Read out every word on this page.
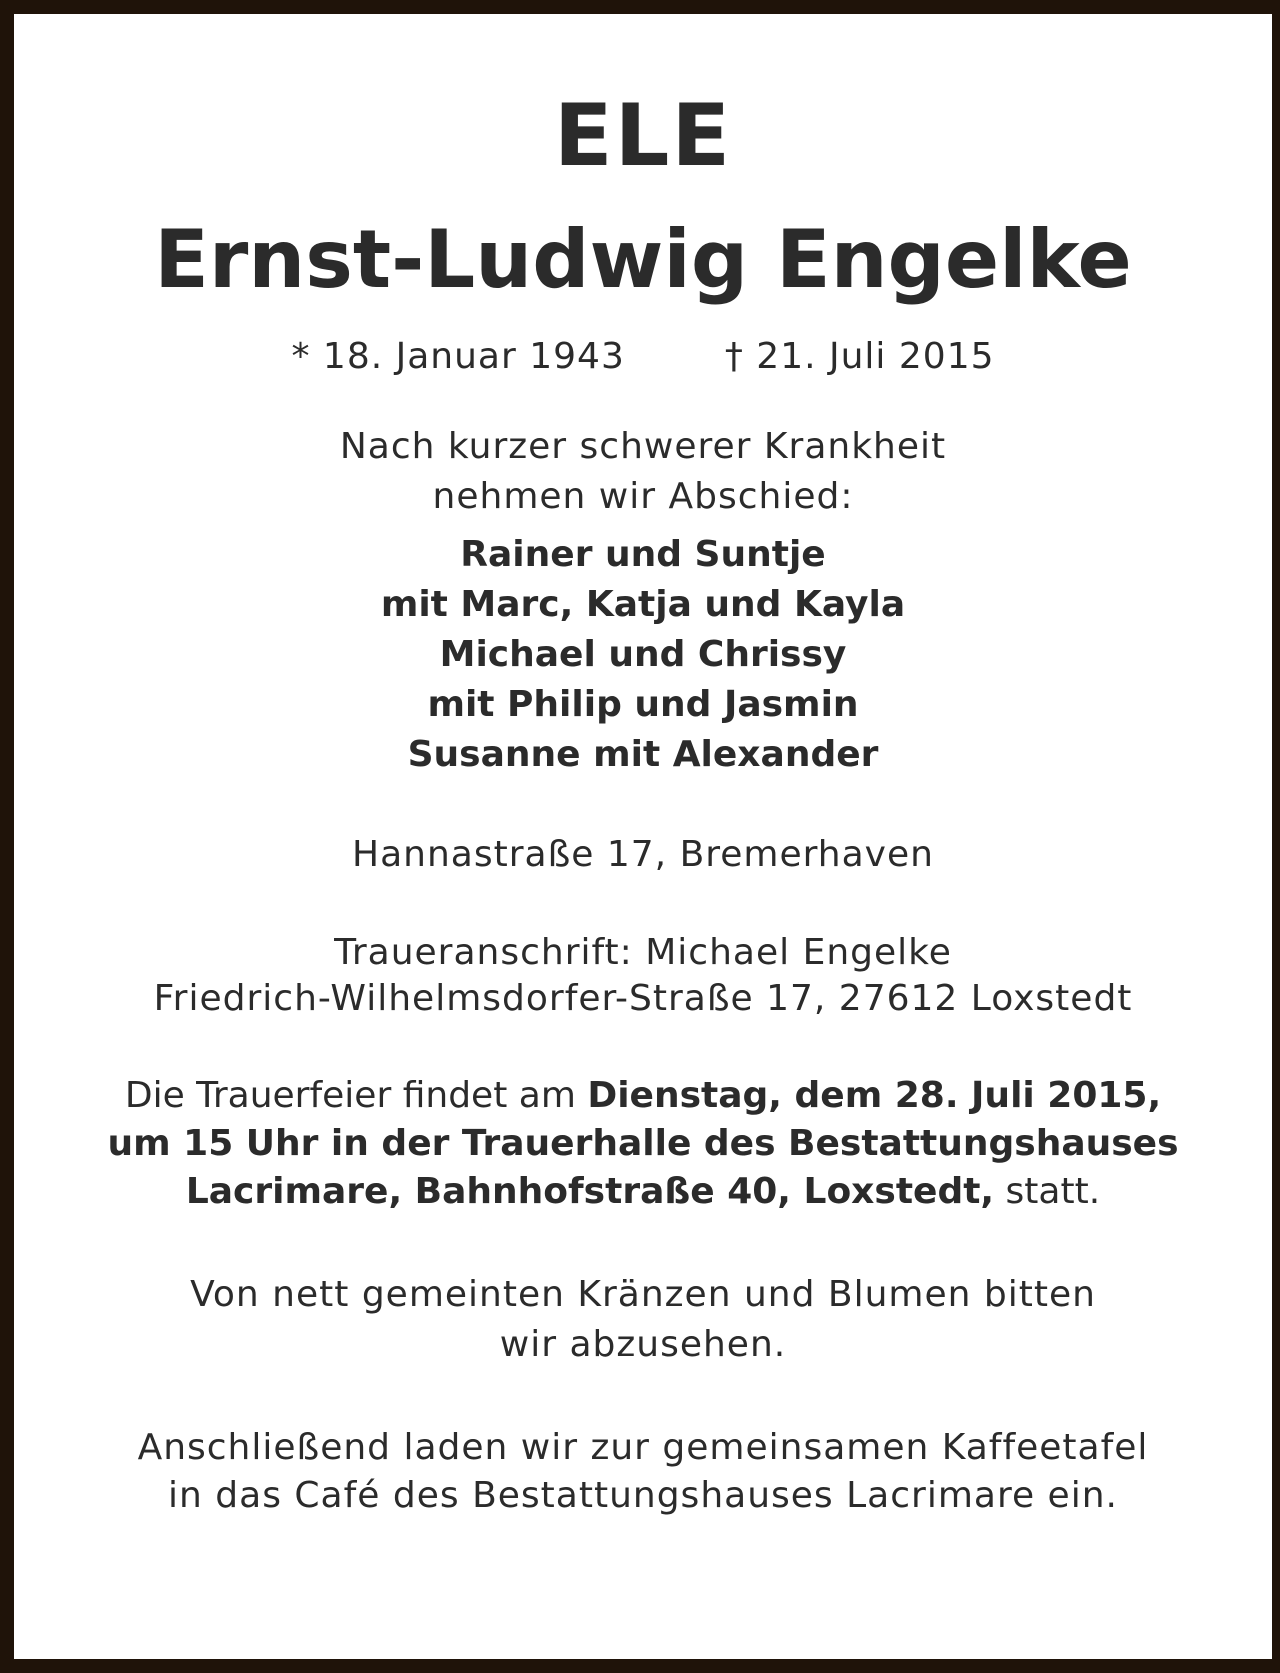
ELE
Ernst-Ludwig Engelke
* 18. Januar 1943	† 21. Juli 2015
Nach kurzer schwerer Krankheit
nehmen wir Abschied:
Rainer und Suntje
mit Marc, Katja und Kayla
Michael und Chrissy
mit Philip und Jasmin
Susanne mit Alexander
Hannastraße 17, Bremerhaven
Traueranschrift: Michael Engelke
Friedrich-Wilhelmsdorfer-Straße 17, 27612 Loxstedt
Die Trauerfeier findet am Dienstag, dem 28. Juli 2015,
um 15 Uhr in der Trauerhalle des Bestattungshauses
Lacrimare, Bahnhofstraße 40, Loxstedt, statt.
Von nett gemeinten Kränzen und Blumen bitten
wir abzusehen.
Anschließend laden wir zur gemeinsamen Kaffeetafel
in das Café des Bestattungshauses Lacrimare ein.
